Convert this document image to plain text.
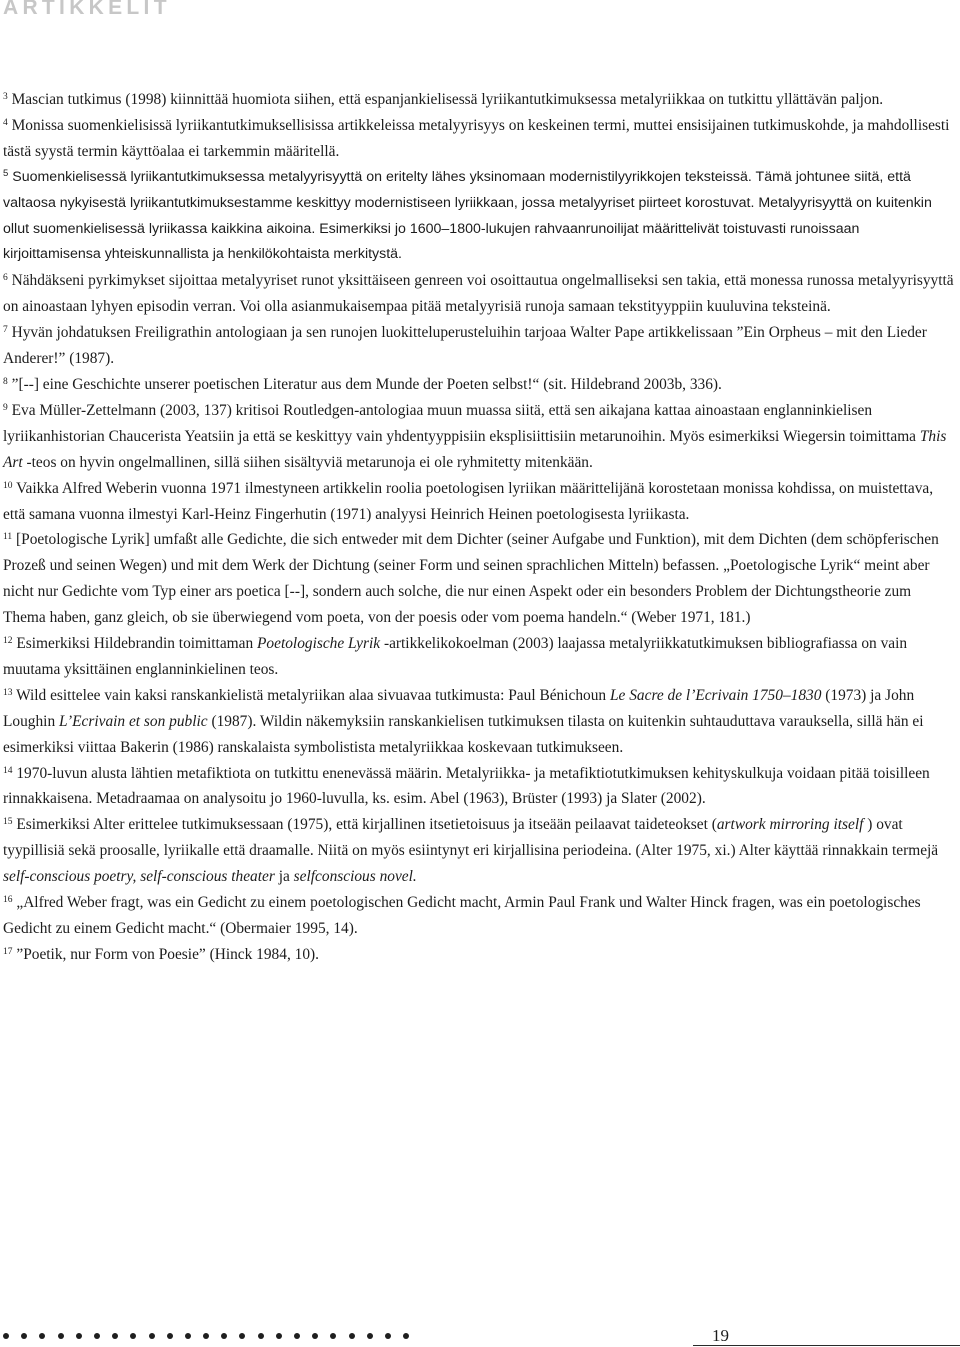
ARTIKKELIT

$^3$ Mascian tutkimus (1998) kiinnittää huomiota siihen, että espanjankielisessä lyriikantutkimuksessa metalyriikkaa on tutkittu yllättävän paljon.

$^4$ Monissa suomenkielisissä lyriikantutkimuksellisissa artikkeleissa metalyyrisyys on keskeinen termi, muttei ensisijainen tutkimuskohde, ja mahdollisesti tästä syystä termin käyttöalaa ei tarkemmin määritellä.

$^5$ Suomenkielisessä lyriikantutkimuksessa metalyyrisyyttä on eritelty lähes yksinomaan modernistilyyrikkojen teksteissä. Tämä johtunee siitä, että valtaosa nykyisestä lyriikantutkimuksestamme keskittyy modernistiseen lyriikkaan, jossa metalyyriset piirteet korostuvat. Metalyyrisyyttä on kuitenkin ollut suomenkielisessä lyriikassa kaikkina aikoina. Esimerkiksi jo 1600–1800-lukujen rahvaanrunoilijat määrittelivät toistuvasti runoissaan kirjoittamisensa yhteiskunnallista ja henkilökohtaista merkitystä.

$^6$ Nähdäkseni pyrkimykset sijoittaa metalyyriset runot yksittäiseen genreen voi osoittautua ongelmalliseksi sen takia, että monessa runossa metalyyrisyyttä on ainoastaan lyhyen episodin verran. Voi olla asianmukaisempaa pitää metalyyrisiä runoja samaan tekstityyppiin kuuluvina teksteinä.

$^7$ Hyvän johdatuksen Freiligrathin antologiaan ja sen runojen luokitteluperusteluihin tarjoaa Walter Pape artikkelissaan ”Ein Orpheus – mit den Lieder Anderer!” (1987).

$^8$ ”[--] eine Geschichte unserer poetischen Literatur aus dem Munde der Poeten selbst!“ (sit. Hildebrand 2003b, 336).

$^9$ Eva Müller-Zettelmann (2003, 137) kritisoi Routledgen-antologiaa muun muassa siitä, että sen aikajana kattaa ainoastaan englanninkielisen lyriikanhistorian Chaucerista Yeatsiin ja että se keskittyy vain yhdentyyppisiin eksplisiittisiin metarunoihin. Myös esimerkiksi Wiegersin toimittama This Art -teos on hyvin ongelmallinen, sillä siihen sisältyviä metarunoja ei ole ryhmitetty mitenkään.

$^{10}$ Vaikka Alfred Weberin vuonna 1971 ilmestyneen artikkelin roolia poetologisen lyriikan määrittelijänä korostetaan monissa kohdissa, on muistettava, että samana vuonna ilmestyi Karl-Heinz Fingerhutin (1971) analyysi Heinrich Heinen poetologisesta lyriikasta.

$^{11}$ [Poetologische Lyrik] umfaßt alle Gedichte, die sich entweder mit dem Dichter (seiner Aufgabe und Funktion), mit dem Dichten (dem schöpferischen Prozeß und seinen Wegen) und mit dem Werk der Dichtung (seiner Form und seinen sprachlichen Mitteln) befassen. „Poetologische Lyrik“ meint aber nicht nur Gedichte vom Typ einer ars poetica [--], sondern auch solche, die nur einen Aspekt oder ein besonders Problem der Dichtungstheorie zum Thema haben, ganz gleich, ob sie überwiegend vom poeta, von der poesis oder vom poema handeln.“ (Weber 1971, 181.)

$^{12}$ Esimerkiksi Hildebrandin toimittaman Poetologische Lyrik -artikkelikokoelman (2003) laajassa metalyriikkatutkimuksen bibliografiassa on vain muutama yksittäinen englanninkielinen teos.

$^{13}$ Wild esittelee vain kaksi ranskankielistä metalyriikan alaa sivuavaa tutkimusta: Paul Bénichoun Le Sacre de l’Ecrivain 1750–1830 (1973) ja John Loughin L’Ecrivain et son public (1987). Wildin näkemyksiin ranskankielisen tutkimuksen tilasta on kuitenkin suhtauduttava varauksella, sillä hän ei esimerkiksi viittaa Bakerin (1986) ranskalaista symbolistista metalyriikkaa koskevaan tutkimukseen.

$^{14}$ 1970-luvun alusta lähtien metafiktiota on tutkittu enenevässä määrin. Metalyriikka- ja metafiktiotutkimuksen kehityskulkuja voidaan pitää toisilleen rinnakkaisena. Metadraamaa on analysoitu jo 1960-luvulla, ks. esim. Abel (1963), Brüster (1993) ja Slater (2002).

$^{15}$ Esimerkiksi Alter erittelee tutkimuksessaan (1975), että kirjallinen itsetietoisuus ja itseään peilaavat taideteokset (artwork mirroring itself ) ovat tyypillisiä sekä proosalle, lyriikalle että draamalle. Niitä on myös esiintynyt eri kirjallisina periodeina. (Alter 1975, xi.) Alter käyttää rinnakkain termejä self-conscious poetry, self-conscious theater ja selfconscious novel.

$^{16}$ „Alfred Weber fragt, was ein Gedicht zu einem poetologischen Gedicht macht, Armin Paul Frank und Walter Hinck fragen, was ein poetologisches Gedicht zu einem Gedicht macht.“ (Obermaier 1995, 14).

$^{17}$ ”Poetik, nur Form von Poesie” (Hinck 1984, 10).

19
